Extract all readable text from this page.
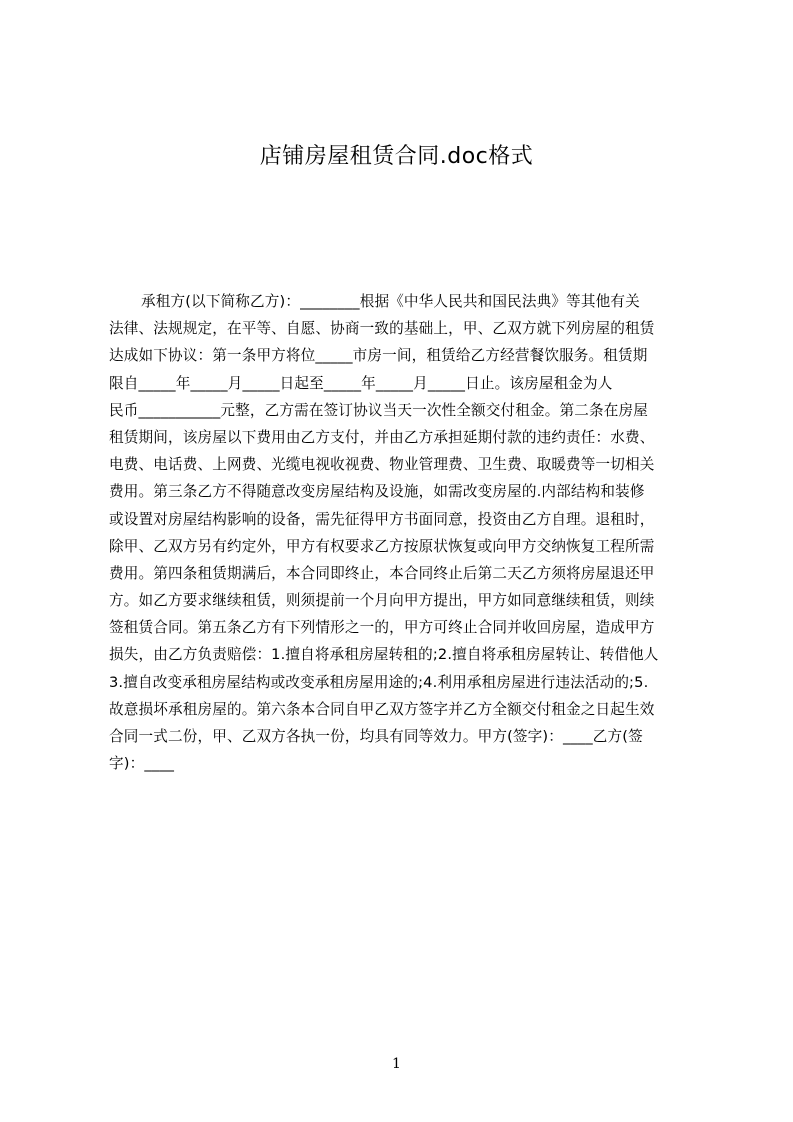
店铺房屋租赁合同.doc格式
承租方(以下简称乙方)：________根据《中华人民共和国民法典》等其他有关
法律、法规规定，在平等、自愿、协商一致的基础上，甲、乙双方就下列房屋的租赁
达成如下协议：第一条甲方将位_____市房一间，租赁给乙方经营餐饮服务。租赁期
限自_____年_____月_____日起至_____年_____月_____日止。该房屋租金为人
民币___________元整，乙方需在签订协议当天一次性全额交付租金。第二条在房屋
租赁期间，该房屋以下费用由乙方支付，并由乙方承担延期付款的违约责任：水费、
电费、电话费、上网费、光缆电视收视费、物业管理费、卫生费、取暖费等一切相关
费用。第三条乙方不得随意改变房屋结构及设施，如需改变房屋的.内部结构和装修
或设置对房屋结构影响的设备，需先征得甲方书面同意，投资由乙方自理。退租时，
除甲、乙双方另有约定外，甲方有权要求乙方按原状恢复或向甲方交纳恢复工程所需
费用。第四条租赁期满后，本合同即终止，本合同终止后第二天乙方须将房屋退还甲
方。如乙方要求继续租赁，则须提前一个月向甲方提出，甲方如同意继续租赁，则续
签租赁合同。第五条乙方有下列情形之一的，甲方可终止合同并收回房屋，造成甲方
损失，由乙方负责赔偿：1.擅自将承租房屋转租的;2.擅自将承租房屋转让、转借他人
3.擅自改变承租房屋结构或改变承租房屋用途的;4.利用承租房屋进行违法活动的;5.
故意损坏承租房屋的。第六条本合同自甲乙双方签字并乙方全额交付租金之日起生效
合同一式二份，甲、乙双方各执一份，均具有同等效力。甲方(签字)：____乙方(签
字)：____
1
